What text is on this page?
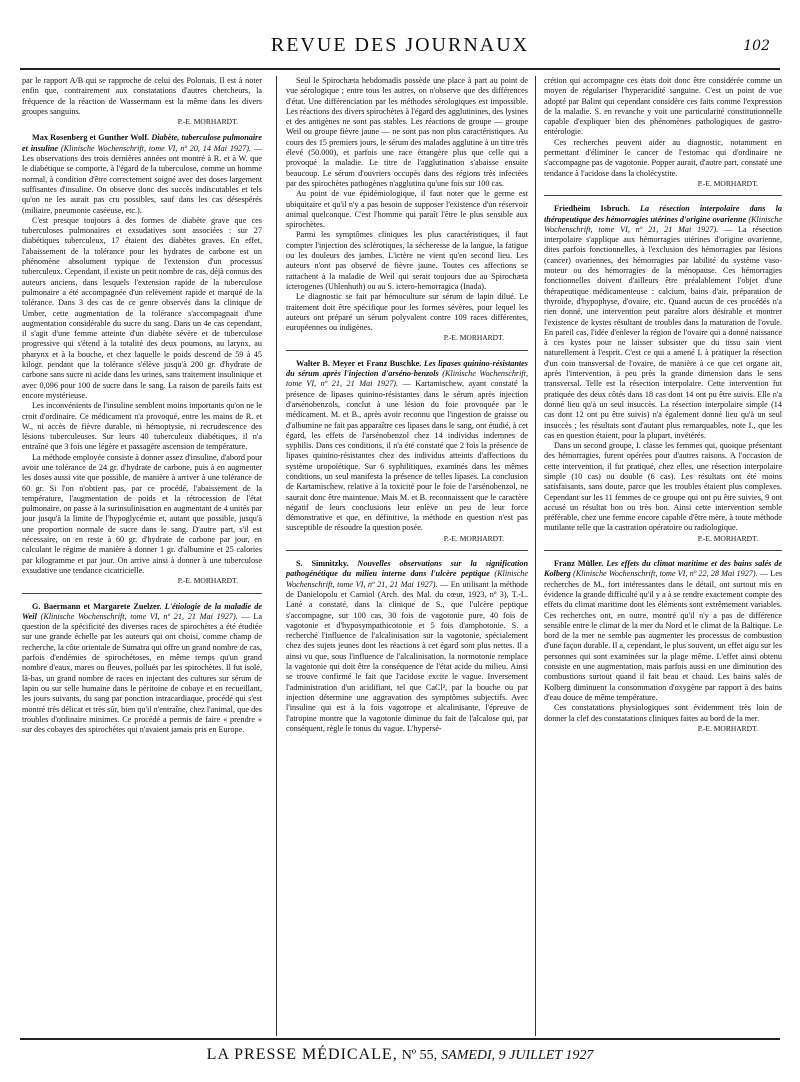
REVUE DES JOURNAUX	102

par le rapport A/B qui se rapproche de celui des Polonais. Il est à noter enfin que, contrairement aux constatations d'autres chercheurs, la fréquence de la réaction de Wassermann est la même dans les divers groupes sanguins.

P.-E. MORHARDT.

Max Rosenberg et Gunther Wolf. Diabète, tuberculose pulmonaire et insuline (Klinische Wochenschrift, tome VI, nº 20, 14 Mai 1927). — Les observations des trois dernières années ont montré à R. et à W. que le diabétique se comporte, à l'égard de la tuberculose, comme un homme normal, à condition d'être correctement soigné avec des doses largement suffisantes d'insuline. On observe donc des succès indiscutables et tels qu'on ne les aurait pas cru possibles, sauf dans les cas désespérés (miliaire, pneumonie caséeuse, etc.).

C'est presque toujours à des formes de diabète grave que ces tuberculoses pulmonaires et exsudatives sont associées : sur 27 diabétiques tuberculeux, 17 étaient des diabètes graves. En effet, l'abaissement de la tolérance pour les hydrates de carbone est un phénomène absolument typique de l'extension d'un processus tuberculeux. Cependant, il existe un petit nombre de cas, déjà connus des auteurs anciens, dans lesquels l'extension rapide de la tuberculose pulmonaire a été accompagnée d'un relèvement rapide et marqué de la tolérance. Dans 3 des cas de ce genre observés dans la clinique de Umber, cette augmentation de la tolérance s'accompagnait d'une augmentation considérable du sucre du sang. Dans un 4e cas cependant, il s'agit d'une femme atteinte d'un diabète sévère et de tuberculose progressive qui s'étend à la totalité des deux poumons, au larynx, au pharynx et à la bouche, et chez laquelle le poids descend de 59 à 45 kilogr. pendant que la tolérance s'élève jusqu'à 200 gr. d'hydrate de carbone sans sucre ni acide dans les urines, sans traitement insulinique et avec 0,096 pour 100 de sucre dans le sang. La raison de pareils faits est encore mystérieuse.

Les inconvénients de l'insuline semblent moins importants qu'on ne le croit d'ordinaire. Ce médicament n'a provoqué, entre les mains de R. et W., ni accès de fièvre durable, ni hémoptysie, ni recrudescence des lésions tuberculeuses. Sur leurs 40 tuberculeux diabétiques, il n'a entraîné que 3 fois une légère et passagère ascension de température.

La méthode employée consiste à donner assez d'insuline, d'abord pour avoir une tolérance de 24 gr. d'hydrate de carbone, puis à en augmenter les doses aussi vite que possible, de manière à arriver à une tolérance de 60 gr. Si l'on n'obtient pas, par ce procédé, l'abaissement de la température, l'augmentation de poids et la rétrocession de l'état pulmonaire, on passe à la surinsulinisation en augmentant de 4 unités par jour jusqu'à la limite de l'hypoglycémie et, autant que possible, jusqu'à une proportion normale de sucre dans le sang. D'autre part, s'il est nécessaire, on en reste à 60 gr. d'hydrate de carbone par jour, en calculant le régime de manière à donner 1 gr. d'albumine et 25 calories par kilogramme et par jour. On arrive ainsi à donner à une tuberculose exsudative une tendance cicatricielle.

P.-E. MORHARDT.

G. Baermann et Margarete Zuelzer. L'étiologie de la maladie de Weil (Klinische Wochenschrift, tome VI, nº 21, 21 Mai 1927). — La question de la spécificité des diverses races de spirochètes a été étudiée sur une grande échelle par les auteurs qui ont choisi, comme champ de recherche, la côte orientale de Sumatra qui offre un grand nombre de cas, parfois d'endémies de spirochétoses, en même temps qu'un grand nombre d'eaux, mares ou fleuves, pollués par les spirochètes. Il fut isolé, là-bas, un grand nombre de races en injectant des cultures sur sérum de lapin ou sur selle humaine dans le péritoine de cobaye et en recueillant, les jours suivants, du sang par ponction intracardiaque, procédé qui s'est montré très délicat et très sûr, bien qu'il n'entraîne, chez l'animal, que des troubles d'ordinaire minimes. Ce procédé a permis de faire « prendre » sur des cobayes des spirochètes qui n'avaient jamais pris en Europe.

Seul le Spirochæta hebdomadis possède une place à part au point de vue sérologique ; entre tous les autres, on n'observe que des différences d'état. Une différenciation par les méthodes sérologiques est impossible. Les réactions des divers spirochètes à l'égard des agglutinines, des lysines et des antigènes ne sont pas stables. Les réactions de groupe — groupe Weil ou groupe fièvre jaune — ne sont pas non plus caractéristiques. Au cours des 15 premiers jours, le sérum des malades agglutine à un titre très élevé (50.000), et parfois une race étrangère plus que celle qui a provoqué la maladie. Le titre de l'agglutination s'abaisse ensuite beaucoup. Le sérum d'ouvriers occupés dans des régions très infectées par des spirochètes pathogènes n'agglutina qu'une fois sur 100 cas.

Au point de vue épidémiologique, il faut noter que le germe est ubiquitaire et qu'il n'y a pas besoin de supposer l'existence d'un réservoir animal quelconque. C'est l'homme qui paraît l'être le plus sensible aux spirochètes.

Parmi les symptômes cliniques les plus caractéristiques, il faut compter l'injection des sclérotiques, la sécheresse de la langue, la fatigue ou les douleurs des jambes. L'ictère ne vient qu'en second lieu. Les auteurs n'ont pas observé de fièvre jaune. Toutes ces affections se rattachent à la maladie de Weil qui serait toujours due au Spirochæta icterogenes (Uhlenhuth) ou au S. ictero-hemorragica (Inada).

Le diagnostic se fait par hémoculture sur sérum de lapin dilué. Le traitement doit être spécifique pour les formes sévères, pour lequel les auteurs ont préparé un sérum polyvalent contre 109 races différentes, européennes ou indigènes.

P.-E. MORHARDT.

Walter B. Meyer et Franz Buschke. Les lipases quinino-résistantes du sérum après l'injection d'arséno-benzols (Klinische Wochenschrift, tome VI, nº 21, 21 Mai 1927). — Kartamischew, ayant constaté la présence de lipases quinino-résistantes dans le sérum après injection d'arsénobenzols, conclut à une lésion du foie provoquée par le médicament. M. et B., après avoir reconnu que l'ingestion de graisse ou d'albumine ne fait pas apparaître ces lipases dans le sang, ont étudié, à cet égard, les effets de l'arsénobenzol chez 14 individus indemnes de syphilis. Dans ces conditions, il n'a été constaté que 2 fois la présence de lipases quinino-résistantes chez des individus atteints d'affections du système uropoïétique. Sur 6 syphilitiques, examinés dans les mêmes conditions, un seul manifesta la présence de telles lipases. La conclusion de Kartamischew, relative à la toxicité pour le foie de l'arsénobenzol, ne saurait donc être maintenue. Mais M. et B. reconnaissent que le caractère négatif de leurs conclusions leur enlève un peu de leur force démonstrative et que, en définitive, la méthode en question n'est pas susceptible de résoudre la question posée.

P.-E. MORHARDT.

S. Simnitzky. Nouvelles observations sur la signification pathogénétique du milieu interne dans l'ulcère peptique (Klinische Wochenschrift, tome VI, nº 21, 21 Mai 1927). — En utilisant la méthode de Danielopolu et Carniol (Arch. des Mal. du cœur, 1923, nº 3), T.-L. Lanè a constaté, dans la clinique de S., que l'ulcère peptique s'accompagne, sur 100 cas, 30 fois de vagotonie pure, 40 fois de vagotonie et d'hyposympathicotonie et 5 fois d'amphotonie. S. a recherché l'influence de l'alcalinisation sur la vagotonie, spécialement chez des sujets jeunes dont les réactions à cet égard sont plus nettes. Il a ainsi vu que, sous l'influence de l'alcalinisation, la normotonie remplace la vagotonie qui doit être la conséquence de l'état acide du milieu. Ainsi se trouve confirmé le fait que l'acidose excite le vague. Inversement l'administration d'un acidifiant, tel que CaCl², par la bouche ou par injection détermine une aggravation des symptômes subjectifs. Avec l'insuline qui est à la fois vagotrope et alcalinisante, l'épreuve de l'atropine montre que la vagotonie diminue du fait de l'alcalose qui, par conséquent, règle le tonus du vague. L'hypersé-

crétion qui accompagne ces états doit donc être considérée comme un moyen de régulariser l'hyperacidité sanguine. C'est un point de vue adopté par Balint qui cependant considère ces faits comme l'expression de la maladie. S. en revanche y voit une particularité constitutionnelle capable d'expliquer bien des phénomènes pathologiques de gastro-entérologie.

Ces recherches peuvent aider au diagnostic, notamment en permettant d'éliminer le cancer de l'estomac qui d'ordinaire ne s'accompagne pas de vagotonie. Popper aurait, d'autre part, constaté une tendance à l'acidose dans la cholécystite.

P.-E. MORHARDT.

Friedheim Isbruch. La résection interpolaire dans la thérapeutique des hémorragies utérines d'origine ovarienne (Klinische Wochenschrift, tome VI, nº 21, 21 Mai 1927). — La résection interpolaire s'applique aux hémorragies utérines d'origine ovarienne, dites parfois fonctionnelles, à l'exclusion des hémorragies par lésions (cancer) ovariennes, des hémorragies par labilité du système vaso-moteur ou des hémorragies de la ménopause. Ces hémorragies fonctionnelles doivent d'ailleurs être préalablement l'objet d'une thérapeutique médicamenteuse : calcium, bains d'air, préparation de thyroïde, d'hypophyse, d'ovaire, etc. Quand aucun de ces procédés n'a rien donné, une intervention peut paraître alors désirable et montrer l'existence de kystes résultant de troubles dans la maturation de l'ovule. En pareil cas, l'idée d'enlever la région de l'ovaire qui a donné naissance à ces kystes pour ne laisser subsister que du tissu sain vient naturellement à l'esprit. C'est ce qui a amené I. à pratiquer la résection d'un coin transversal de l'ovaire, de manière à ce que cet organe ait, après l'intervention, à peu près la grande dimension dans le sens transversal. Telle est la résection interpolaire. Cette intervention fut pratiquée des deux côtés dans 18 cas dont 14 ont pu être suivis. Elle n'a donné lieu qu'à un seul insuccès. La résection interpolaire simple (14 cas dont 12 ont pu être suivis) n'a également donné lieu qu'à un seul insuccès ; les résultats sont d'autant plus remarquables, note I., que les cas en question étaient, pour la plupart, invétérés.

Dans un second groupe, I. classe les femmes qui, quoique présentant des hémorragies, furent opérées pour d'autres raisons. A l'occasion de cette intervention, il fut pratiqué, chez elles, une résection interpolaire simple (10 cas) ou double (6 cas). Les résultats ont été moins satisfaisants, sans doute, parce que les troubles étaient plus complexes. Cependant sur les 11 femmes de ce groupe qui ont pu être suivies, 9 ont accusé un résultat bon ou très bon. Ainsi cette intervention semble préférable, chez une femme encore capable d'être mère, à toute méthode mutilante telle que la castration opératoire ou radiologique.

P.-E. MORHARDT.

Franz Müller. Les effets du climat maritime et des bains salés de Kolberg (Klinische Wochenschrift, tome VI, nº 22, 28 Mai 1927). — Les recherches de M., fort intéressantes dans le détail, ont surtout mis en évidence la grande difficulté qu'il y a à se rendre exactement compte des effets du climat maritime dont les éléments sont extrêmement variables. Ces recherches ont, en outre, montré qu'il n'y a pas de différence sensible entre le climat de la mer du Nord et le climat de la Baltique. Le bord de la mer ne semble pas augmenter les processus de combustion d'une façon durable. Il a, cependant, le plus souvent, un effet aigu sur les personnes qui sont examinées sur la plage même. L'effet ainsi obtenu consiste en une augmentation, mais parfois aussi en une diminution des combustions surtout quand il fait beau et chaud. Les bains salés de Kolberg diminuent la consommation d'oxygène par rapport à des bains d'eau douce de même température.

Ces constatations physiologiques sont évidemment très loin de donner la clef des constatations cliniques faites au bord de la mer.

P.-E. MORHARDT.
LA PRESSE MÉDICALE, Nº 55, SAMEDI, 9 JUILLET 1927
